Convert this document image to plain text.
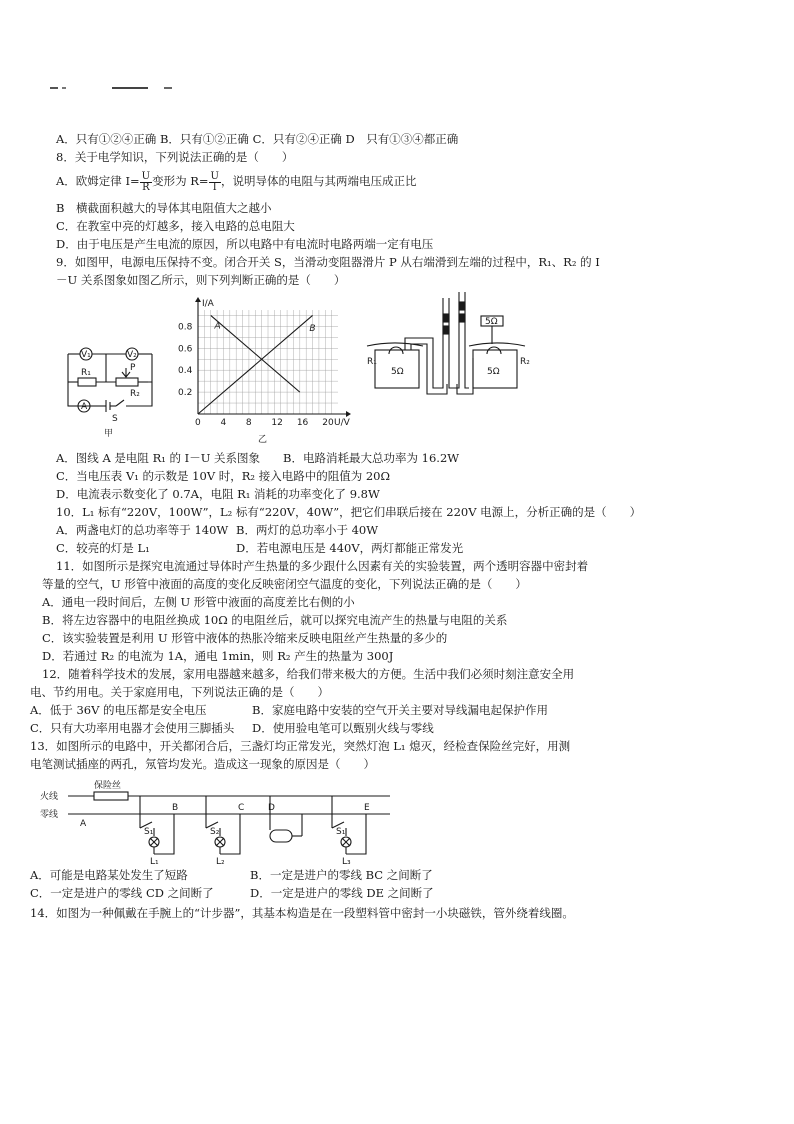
A．只有①②④正确 B．只有①②正确 C．只有②④正确 D　只有①③④都正确
8．关于电学知识，下列说法正确的是（　　）
A．欧姆定律 $I= \frac{U}{R}$ 变形为 $R= \frac{U}{I}$ ，说明导体的电阻与其两端电压成正比
B　横截面积越大的导体其电阻值大之越小
C．在教室中亮的灯越多，接入电路的总电阻大
D．由于电压是产生电流的原因，所以电路中有电流时电路两端一定有电压
9．如图甲，电源电压保持不变。闭合开关 S，当滑动变阻器滑片 P 从右端滑到左端的过程中，R₁、R₂ 的 I
－U 关系图象如图乙所示，则下列判断正确的是（　　）
V₁	V₂
R₁
R₂
P
A
S
甲
0 4 8 12 16 20
0.8
0.6
0.4
0.2
I/A
U/V
A	B
乙
5Ω
5Ω	5Ω
R₁	R₂
A．图线 A 是电阻 R₁ 的 I－U 关系图象　　B．电路消耗最大总功率为 16.2W
C．当电压表 V₁ 的示数是 10V 时，R₂ 接入电路中的阻值为 20Ω
D．电流表示数变化了 0.7A，电阻 R₁ 消耗的功率变化了 9.8W
10．L₁ 标有“220V，100W”，L₂ 标有“220V，40W”，把它们串联后接在 220V 电源上，分析正确的是（　　）
A．两盏电灯的总功率等于 140W B．两灯的总功率小于 40W
C．较亮的灯是 L₁	D．若电源电压是 440V，两灯都能正常发光
11．如图所示是探究电流通过导体时产生热量的多少跟什么因素有关的实验装置，两个透明容器中密封着
等量的空气，U 形管中液面的高度的变化反映密闭空气温度的变化，下列说法正确的是（　　）
A．通电一段时间后，左侧 U 形管中液面的高度差比右侧的小
B．将左边容器中的电阻丝换成 10Ω 的电阻丝后，就可以探究电流产生的热量与电阻的关系
C．该实验装置是利用 U 形管中液体的热胀冷缩来反映电阻丝产生热量的多少的
D．若通过 R₂ 的电流为 1A，通电 1min，则 R₂ 产生的热量为 300J
12．随着科学技术的发展，家用电器越来越多，给我们带来极大的方便。生活中我们必须时刻注意安全用
电、节约用电。关于家庭用电，下列说法正确的是（　　）
A．低于 36V 的电压都是安全电压	B．家庭电路中安装的空气开关主要对导线漏电起保护作用
C．只有大功率用电器才会使用三脚插头 D．使用验电笔可以甄别火线与零线
13．如图所示的电路中，开关都闭合后，三盏灯均正常发光，突然灯泡 L₁ 熄灭，经检查保险丝完好，用测
电笔测试插座的两孔，氖管均发光。造成这一现象的原因是（　　）
保险丝
火线
零线
A
B	C	D	E
S₁	S₂	S₁
L₁	L₂	L₃
A．可能是电路某处发生了短路	B．一定是进户的零线 BC 之间断了
C．一定是进户的零线 CD 之间断了	D．一定是进户的零线 DE 之间断了
14．如图为一种佩戴在手腕上的“计步器”，其基本构造是在一段塑料管中密封一小块磁铁，管外绕着线圈。
